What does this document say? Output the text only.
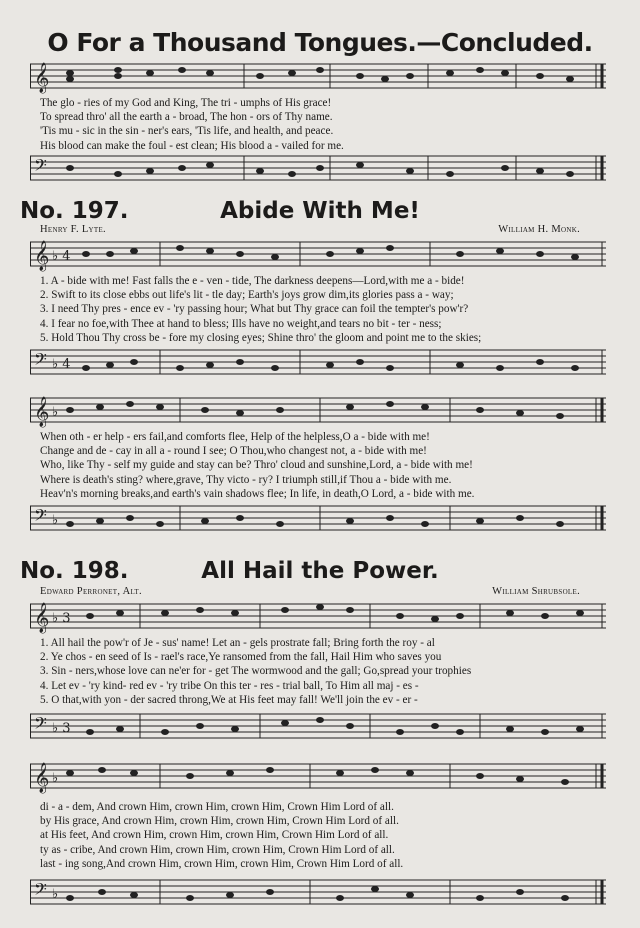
O For a Thousand Tongues.—Concluded.
𝄞
The glo - ries of my God and King, The tri - umphs of His grace!
To spread thro' all the earth a - broad, The hon - ors of Thy name.
'Tis mu - sic in the sin - ner's ears, 'Tis life, and health, and peace.
His blood can make the foul - est clean; His blood a - vailed for me.
𝄢
No. 197.	Abide With Me!
Henry F. Lyte.	William H. Monk.
𝄞 ♭ 4
1. A - bide with me! Fast falls the e - ven - tide, The darkness deepens—Lord,with me a - bide!
2. Swift to its close ebbs out life's lit - tle day; Earth's joys grow dim,its glories pass a - way;
3. I need Thy pres - ence ev - 'ry passing hour; What but Thy grace can foil the tempter's pow'r?
4. I fear no foe,with Thee at hand to bless; Ills have no weight,and tears no bit - ter - ness;
5. Hold Thou Thy cross be - fore my closing eyes; Shine thro' the gloom and point me to the skies;
𝄢 ♭ 4
𝄞 ♭
When oth - er help - ers fail,and comforts flee, Help of the helpless,O a - bide with me!
Change and de - cay in all a - round I see; O Thou,who changest not, a - bide with me!
Who, like Thy - self my guide and stay can be? Thro' cloud and sunshine,Lord, a - bide with me!
Where is death's sting? where,grave, Thy victo - ry? I triumph still,if Thou a - bide with me.
Heav'n's morning breaks,and earth's vain shadows flee; In life, in death,O Lord, a - bide with me.
𝄢 ♭
No. 198.	All Hail the Power.
Edward Perronet, Alt.	William Shrubsole.
𝄞 ♭ 3
1. All hail the pow'r of Je - sus' name! Let an - gels prostrate fall; Bring forth the roy - al
2. Ye chos - en seed of Is - rael's race,Ye ransomed from the fall, Hail Him who saves you
3. Sin - ners,whose love can ne'er for - get The wormwood and the gall; Go,spread your trophies
4. Let ev - 'ry kind- red ev - 'ry tribe On this ter - res - trial ball, To Him all maj - es -
5. O that,with yon - der sacred throng,We at His feet may fall! We'll join the ev - er -
𝄢 ♭ 3
𝄞 ♭
di - a - dem, And crown Him, crown Him, crown Him, Crown Him Lord of all.
by His grace, And crown Him, crown Him, crown Him, Crown Him Lord of all.
at His feet, And crown Him, crown Him, crown Him, Crown Him Lord of all.
ty as - cribe, And crown Him, crown Him, crown Him, Crown Him Lord of all.
last - ing song,And crown Him, crown Him, crown Him, Crown Him Lord of all.
𝄢 ♭
